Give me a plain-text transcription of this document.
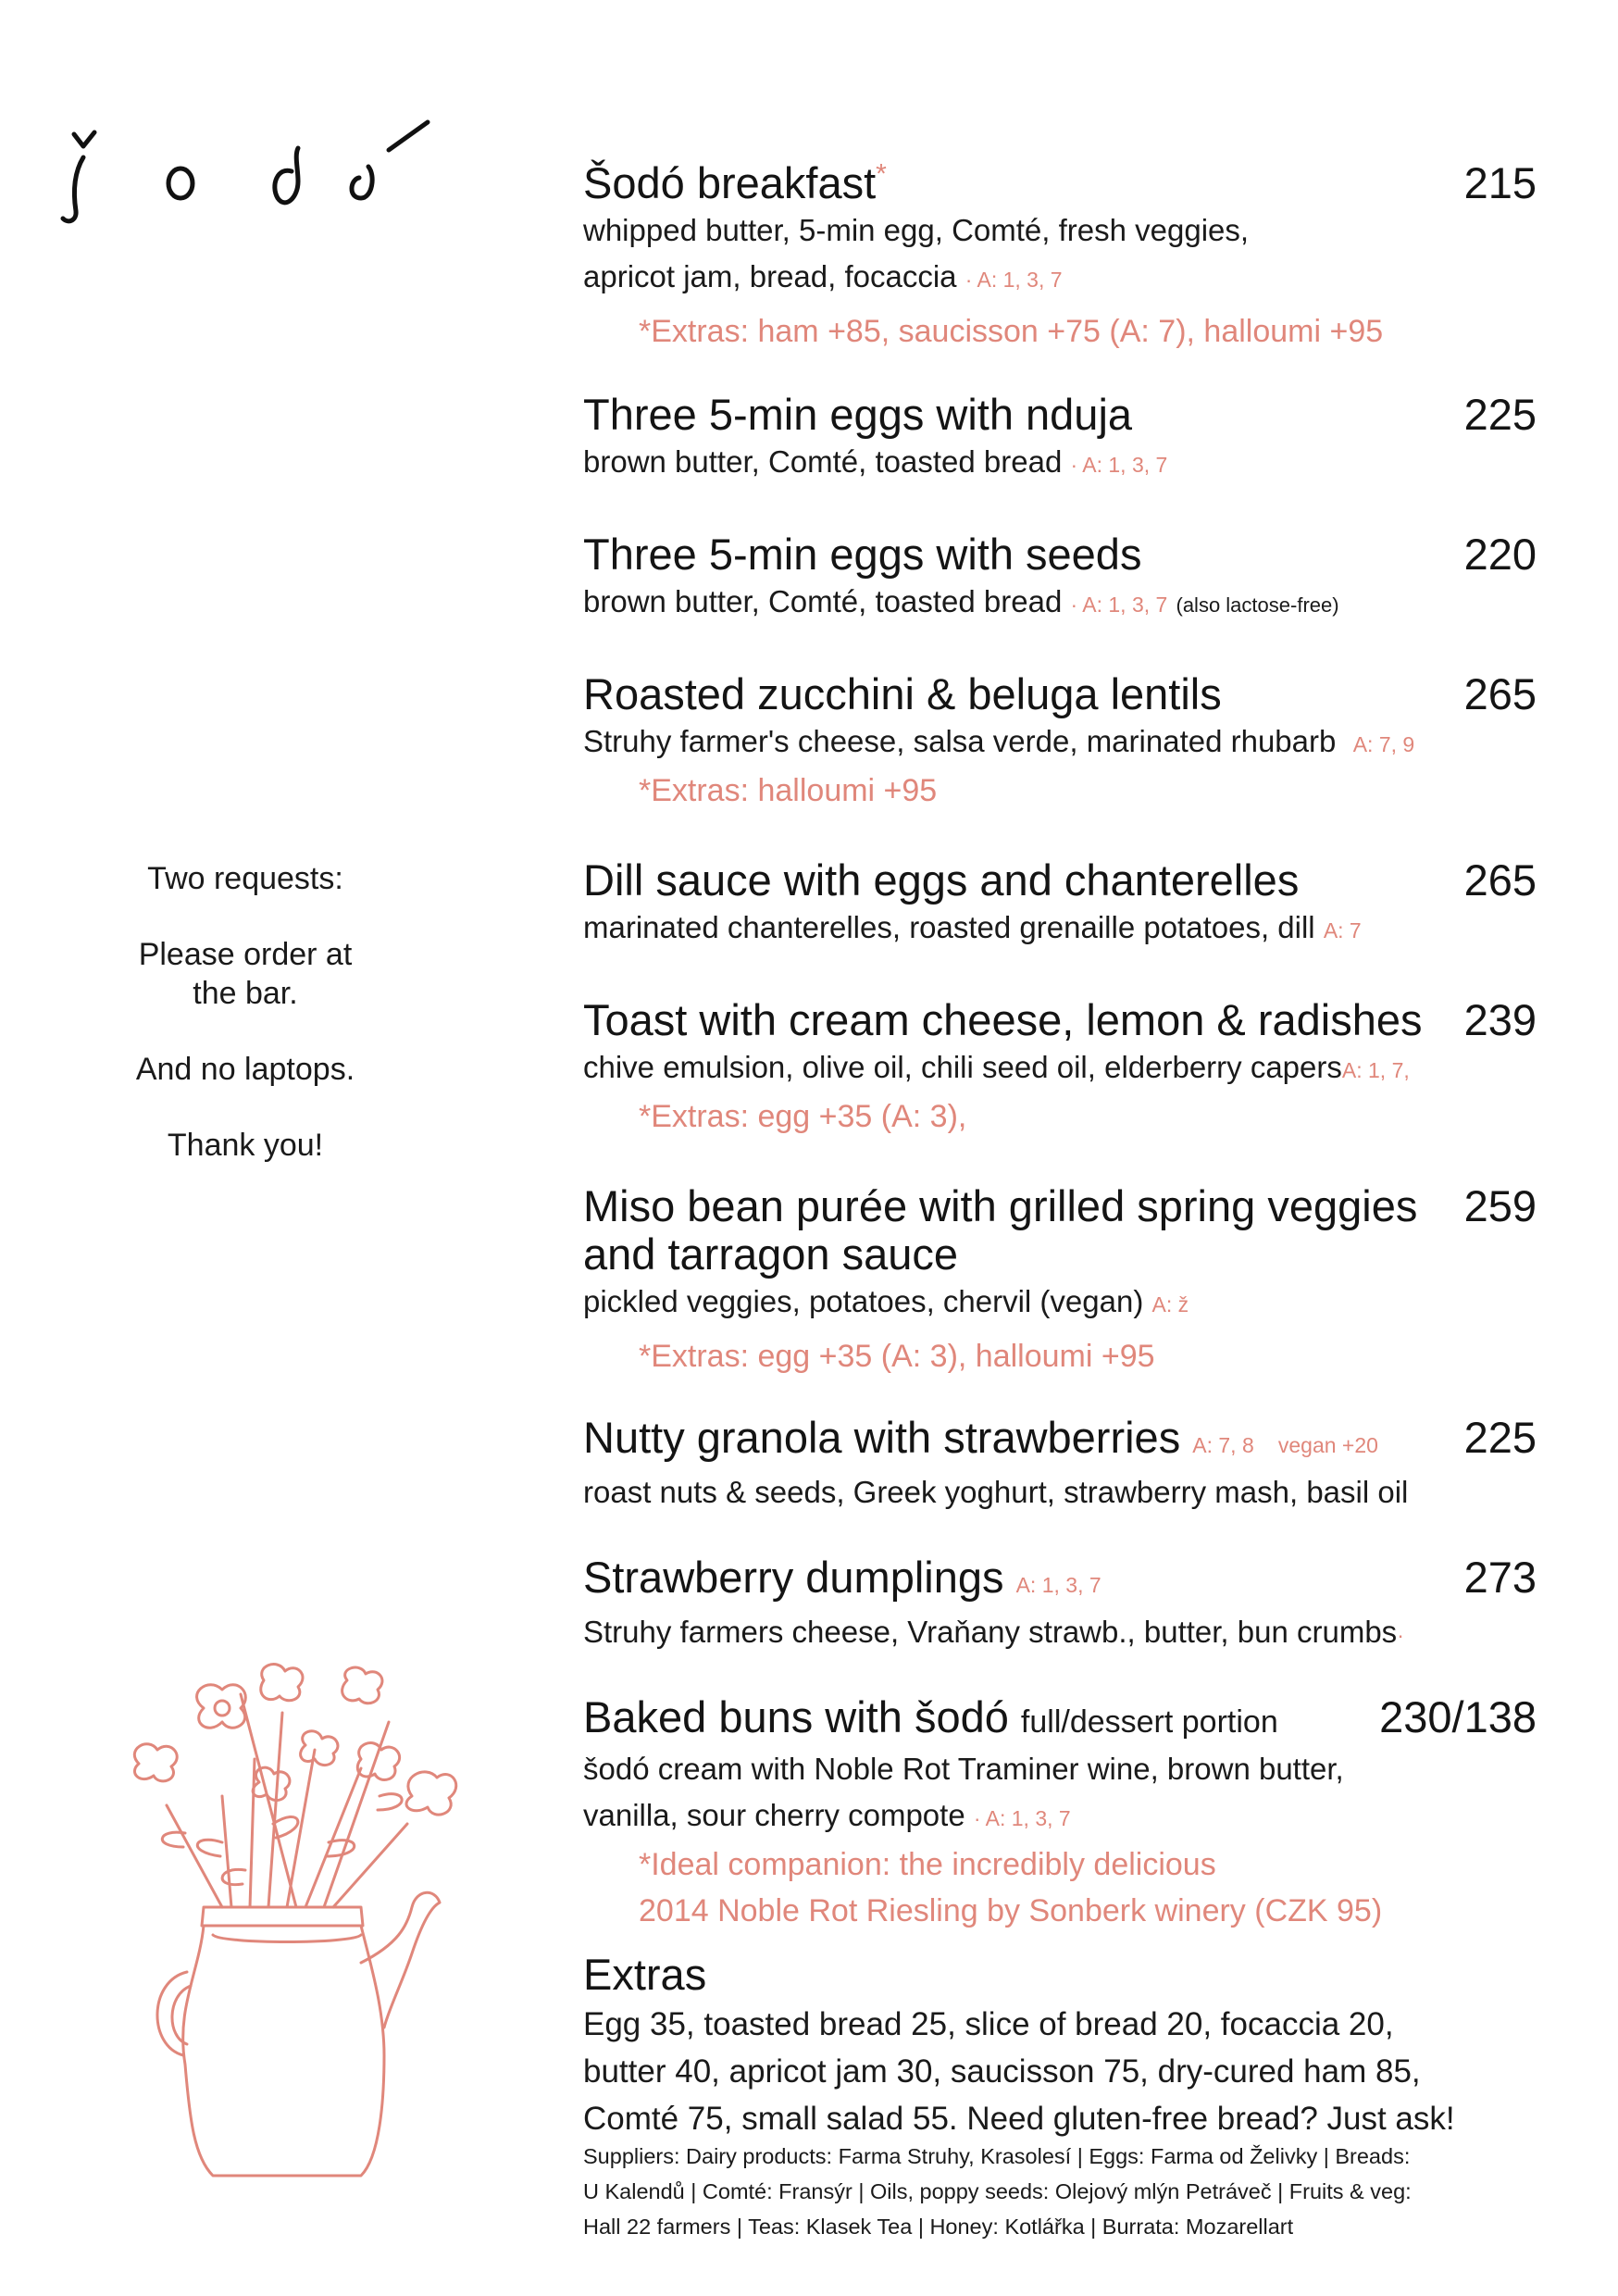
Two requests:

Please order at
the bar.

And no laptops.

Thank you!

Šodó breakfast*	215
whipped butter, 5-min egg, Comté, fresh veggies,
apricot jam, bread, focaccia · A: 1, 3, 7
*Extras: ham +85, saucisson +75 (A: 7), halloumi +95
Three 5-min eggs with nduja	225
brown butter, Comté, toasted bread · A: 1, 3, 7
Three 5-min eggs with seeds	220
brown butter, Comté, toasted bread · A: 1, 3, 7 (also lactose-free)
Roasted zucchini & beluga lentils	265
Struhy farmer's cheese, salsa verde, marinated rhubarb A: 7, 9
*Extras: halloumi +95
Dill sauce with eggs and chanterelles	265
marinated chanterelles, roasted grenaille potatoes, dill A: 7
Toast with cream cheese, lemon & radishes 239
chive emulsion, olive oil, chili seed oil, elderberry capersA: 1, 7,
*Extras: egg +35 (A: 3),
Miso bean purée with grilled spring veggies 259
and tarragon sauce
pickled veggies, potatoes, chervil (vegan) A: ž
*Extras: egg +35 (A: 3), halloumi +95
Nutty granola with strawberries A: 7, 8 vegan +20 225
roast nuts & seeds, Greek yoghurt, strawberry mash, basil oil
Strawberry dumplings A: 1, 3, 7	273
Struhy farmers cheese, Vraňany strawb., butter, bun crumbs·
Baked buns with šodó full/dessert portion 230/138
šodó cream with Noble Rot Traminer wine, brown butter,
vanilla, sour cherry compote · A: 1, 3, 7
*Ideal companion: the incredibly delicious
2014 Noble Rot Riesling by Sonberk winery (CZK 95)
Extras
Egg 35, toasted bread 25, slice of bread 20, focaccia 20,
butter 40, apricot jam 30, saucisson 75, dry-cured ham 85,
Comté 75, small salad 55. Need gluten-free bread? Just ask!
Suppliers: Dairy products: Farma Struhy, Krasolesí | Eggs: Farma od Želivky | Breads:
U Kalendů | Comté: Fransýr | Oils, poppy seeds: Olejový mlýn Petráveč | Fruits & veg:
Hall 22 farmers | Teas: Klasek Tea | Honey: Kotlářka | Burrata: Mozarellart
